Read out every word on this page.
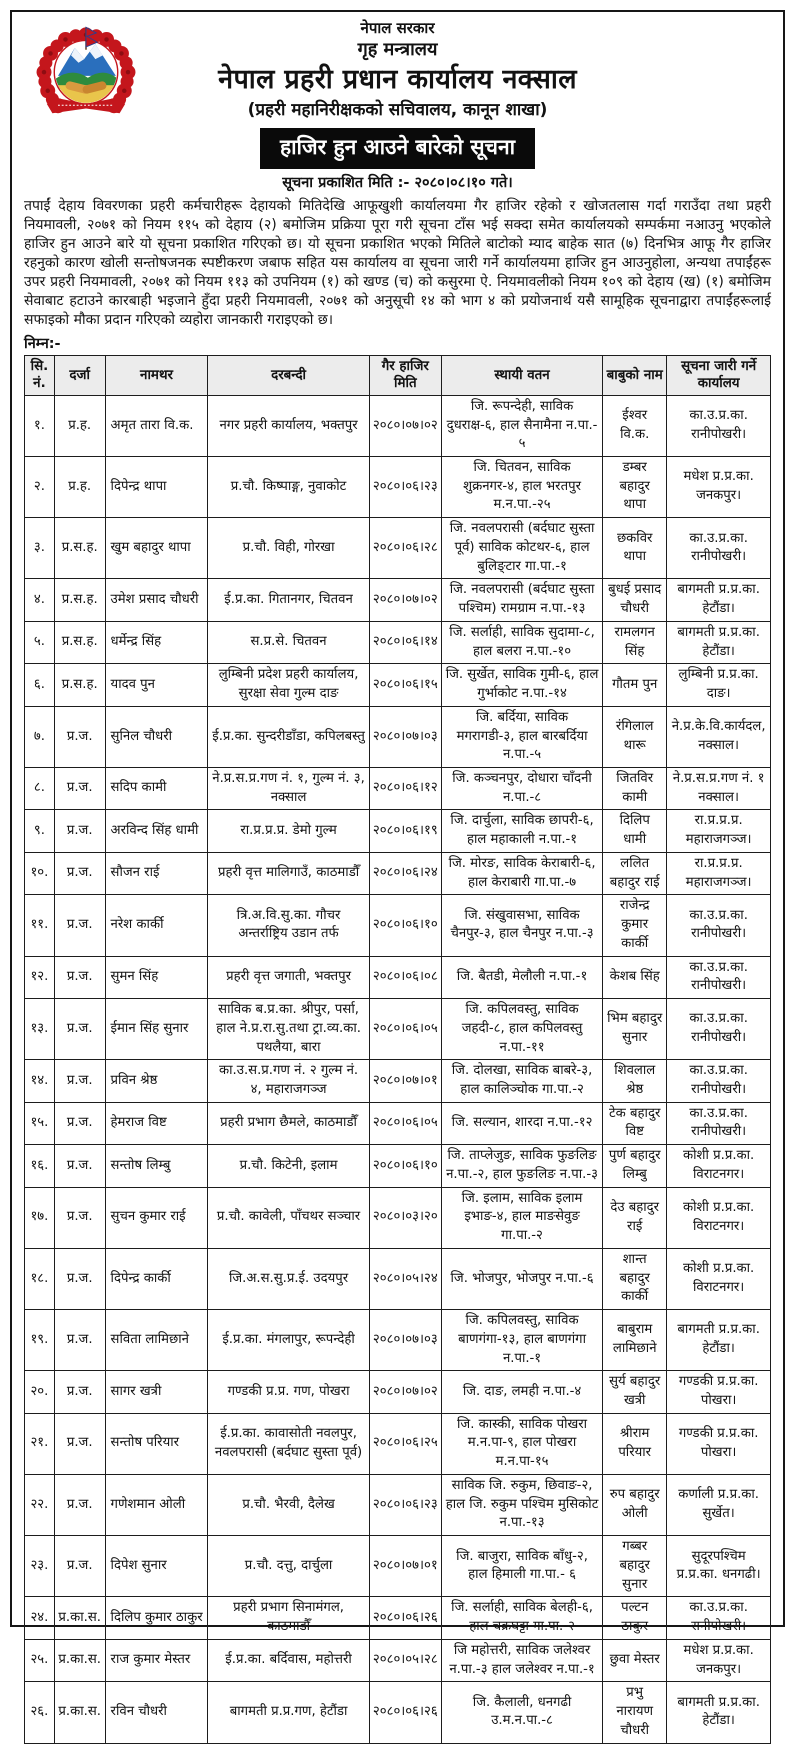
नेपाल सरकार
गृह मन्त्रालय
नेपाल प्रहरी प्रधान कार्यालय नक्साल
(प्रहरी महानिरीक्षकको सचिवालय, कानून शाखा)
हाजिर हुन आउने बारेको सूचना
सूचना प्रकाशित मिति :- २०८०।०८।१० गते।
तपाईं देहाय विवरणका प्रहरी कर्मचारीहरू देहायको मितिदेखि आफूखुशी कार्यालयमा गैर हाजिर रहेको र खोजतलास गर्दा गराउँदा तथा प्रहरी नियमावली, २०७१ को नियम ११५ को देहाय (२) बमोजिम प्रक्रिया पूरा गरी सूचना टाँस भई सक्दा समेत कार्यालयको सम्पर्कमा नआउनु भएकोले हाजिर हुन आउने बारे यो सूचना प्रकाशित गरिएको छ। यो सूचना प्रकाशित भएको मितिले बाटोको म्याद बाहेक सात (७) दिनभित्र आफू गैर हाजिर रहनुको कारण खोली सन्तोषजनक स्पष्टीकरण जबाफ सहित यस कार्यालय वा सूचना जारी गर्ने कार्यालयमा हाजिर हुन आउनुहोला, अन्यथा तपाईंहरू उपर प्रहरी नियमावली, २०७१ को नियम ११३ को उपनियम (१) को खण्ड (च) को कसुरमा ऐ. नियमावलीको नियम १०९ को देहाय (ख) (१) बमोजिम सेवाबाट हटाउने कारबाही भइजाने हुँदा प्रहरी नियमावली, २०७१ को अनुसूची १४ को भाग ४ को प्रयोजनार्थ यसै सामूहिक सूचनाद्वारा तपाईंहरूलाई सफाइको मौका प्रदान गरिएको व्यहोरा जानकारी गराइएको छ।
निम्न:-
सि. नं.	दर्जा	नामथर	दरबन्दी	गैर हाजिर मिति	स्थायी वतन	बाबुको नाम	सूचना जारी गर्ने कार्यालय
१.	प्र.ह.	अमृत तारा वि.क.	नगर प्रहरी कार्यालय, भक्तपुर	२०८०।०७।०२	जि. रूपन्देही, साविक दुधराक्ष-६, हाल सैनामैना न.पा.- ५	ईश्वर वि.क.	का.उ.प्र.का. रानीपोखरी।
२.	प्र.ह.	दिपेन्द्र थापा	प्र.चौ. किष्पाङ्ग, नुवाकोट	२०८०।०६।२३	जि. चितवन, साविक शुक्रनगर-४, हाल भरतपुर म.न.पा.-२५	डम्बर बहादुर थापा	मधेश प्र.प्र.का. जनकपुर।
३.	प्र.स.ह.	खुम बहादुर थापा	प्र.चौ. विही, गोरखा	२०८०।०६।२८	जि. नवलपरासी (बर्दघाट सुस्ता पूर्व) साविक कोटथर-६, हाल बुलिङ्टार गा.पा.-१	छकविर थापा	का.उ.प्र.का. रानीपोखरी।
४.	प्र.स.ह.	उमेश प्रसाद चौधरी	ई.प्र.का. गितानगर, चितवन	२०८०।०७।०२	जि. नवलपरासी (बर्दघाट सुस्ता पश्चिम) रामग्राम न.पा.-१३	बुधई प्रसाद चौधरी	बागमती प्र.प्र.का. हेटौंडा।
५.	प्र.स.ह.	धर्मेन्द्र सिंह	स.प्र.से. चितवन	२०८०।०६।१४	जि. सर्लाही, साविक सुदामा-८, हाल बलरा न.पा.-१०	रामलगन सिंह	बागमती प्र.प्र.का. हेटौंडा।
६.	प्र.स.ह.	यादव पुन	लुम्बिनी प्रदेश प्रहरी कार्यालय, सुरक्षा सेवा गुल्म दाङ	२०८०।०६।१५	जि. सुर्खेत, साविक गुमी-६, हाल गुर्भाकोट न.पा.-१४	गौतम पुन	लुम्बिनी प्र.प्र.का. दाङ।
७.	प्र.ज.	सुनिल चौधरी	ई.प्र.का. सुन्दरीडाँडा, कपिलबस्तु	२०८०।०७।०३	जि. बर्दिया, साविक मगरागडी-३, हाल बारबर्दिया न.पा.-५	रंगिलाल थारू	ने.प्र.के.वि.कार्यदल, नक्साल।
८.	प्र.ज.	सदिप कामी	ने.प्र.स.प्र.गण नं. १, गुल्म नं. ३, नक्साल	२०८०।०६।१२	जि. कञ्चनपुर, दोधारा चाँदनी न.पा.-८	जितविर कामी	ने.प्र.स.प्र.गण नं. १ नक्साल।
९.	प्र.ज.	अरविन्द सिंह धामी	रा.प्र.प्र.प्र. डेमो गुल्म	२०८०।०६।१९	जि. दार्चुला, साविक छापरी-६, हाल महाकाली न.पा.-१	दिलिप धामी	रा.प्र.प्र.प्र. महाराजगञ्ज।
१०.	प्र.ज.	सौजन राई	प्रहरी वृत्त मालिगाउँ, काठमाडौँ	२०८०।०६।२४	जि. मोरङ, साविक केराबारी-६, हाल केराबारी गा.पा.-७	ललित बहादुर राई	रा.प्र.प्र.प्र. महाराजगञ्ज।
११.	प्र.ज.	नरेश कार्की	त्रि.अ.वि.सु.का. गौचर अन्तर्राष्ट्रिय उडान तर्फ	२०८०।०६।१०	जि. संखुवासभा, साविक चैनपुर-३, हाल चैनपुर न.पा.-३	राजेन्द्र कुमार कार्की	का.उ.प्र.का. रानीपोखरी।
१२.	प्र.ज.	सुमन सिंह	प्रहरी वृत्त जगाती, भक्तपुर	२०८०।०६।०८	जि. बैतडी, मेलौली न.पा.-१	केशब सिंह	का.उ.प्र.का. रानीपोखरी।
१३.	प्र.ज.	ईमान सिंह सुनार	साविक ब.प्र.का. श्रीपुर, पर्सा, हाल ने.प्र.रा.सु.तथा ट्रा.व्य.का. पथलैया, बारा	२०८०।०६।०५	जि. कपिलवस्तु, साविक जहदी-८, हाल कपिलवस्तु न.पा.-११	भिम बहादुर सुनार	का.उ.प्र.का. रानीपोखरी।
१४.	प्र.ज.	प्रविन श्रेष्ठ	का.उ.स.प्र.गण नं. २ गुल्म नं. ४, महाराजगञ्ज	२०८०।०७।०१	जि. दोलखा, साविक बाबरे-३, हाल कालिञ्चोक गा.पा.-२	शिवलाल श्रेष्ठ	का.उ.प्र.का. रानीपोखरी।
१५.	प्र.ज.	हेमराज विष्ट	प्रहरी प्रभाग छैमले, काठमाडौँ	२०८०।०६।०५	जि. सल्यान, शारदा न.पा.-१२	टेक बहादुर विष्ट	का.उ.प्र.का. रानीपोखरी।
१६.	प्र.ज.	सन्तोष लिम्बु	प्र.चौ. किटेनी, इलाम	२०८०।०६।१०	जि. ताप्लेजुङ, साविक फुङलिङ न.पा.-२, हाल फुङलिङ न.पा.-३	पुर्ण बहादुर लिम्बु	कोशी प्र.प्र.का. विराटनगर।
१७.	प्र.ज.	सुचन कुमार राई	प्र.चौ. कावेली, पाँचथर सञ्चार	२०८०।०३।२०	जि. इलाम, साविक इलाम इभाङ-४, हाल माङसेवुङ गा.पा.-२	देउ बहादुर राई	कोशी प्र.प्र.का. विराटनगर।
१८.	प्र.ज.	दिपेन्द्र कार्की	जि.अ.स.सु.प्र.ई. उदयपुर	२०८०।०५।२४	जि. भोजपुर, भोजपुर न.पा.-६	शान्त बहादुर कार्की	कोशी प्र.प्र.का. विराटनगर।
१९.	प्र.ज.	सविता लामिछाने	ई.प्र.का. मंगलापुर, रूपन्देही	२०८०।०७।०३	जि. कपिलवस्तु, साविक बाणगंगा-१३, हाल बाणगंगा न.पा.-१	बाबुराम लामिछाने	बागमती प्र.प्र.का. हेटौंडा।
२०.	प्र.ज.	सागर खत्री	गण्डकी प्र.प्र. गण, पोखरा	२०८०।०७।०२	जि. दाङ, लमही न.पा.-४	सुर्य बहादुर खत्री	गण्डकी प्र.प्र.का. पोखरा।
२१.	प्र.ज.	सन्तोष परियार	ई.प्र.का. कावासोती नवलपुर, नवलपरासी (बर्दघाट सुस्ता पूर्व)	२०८०।०६।२५	जि. कास्की, साविक पोखरा म.न.पा-९, हाल पोखरा म.न.पा-१५	श्रीराम परियार	गण्डकी प्र.प्र.का. पोखरा।
२२.	प्र.ज.	गणेशमान ओली	प्र.चौ. भैरवी, दैलेख	२०८०।०६।२३	साविक जि. रुकुम, छिवाङ-२, हाल जि. रुकुम पश्चिम मुसिकोट न.पा.-१३	रुप बहादुर ओली	कर्णाली प्र.प्र.का. सुर्खेत।
२३.	प्र.ज.	दिपेश सुनार	प्र.चौ. दत्तु, दार्चुला	२०८०।०७।०१	जि. बाजुरा, साविक बाँधु-२, हाल हिमाली गा.पा.- ६	गब्बर बहादुर सुनार	सुदूरपश्चिम प्र.प्र.का. धनगढी।
२४.	प्र.का.स.	दिलिप कुमार ठाकुर	प्रहरी प्रभाग सिनामंगल, काठमाडौँ	२०८०।०६।२६	जि. सर्लाही, साविक बेलही-६, हाल चक्रघट्टा गा.पा.-२	पल्टन ठाकुर	का.उ.प्र.का. रानीपोखरी।
२५.	प्र.का.स.	राज कुमार मेस्तर	ई.प्र.का. बर्दिवास, महोत्तरी	२०८०।०५।२८	जि महोत्तरी, साविक जलेश्वर न.पा.-३ हाल जलेश्वर न.पा.-१	छुवा मेस्तर	मधेश प्र.प्र.का. जनकपुर।
२६.	प्र.का.स.	रविन चौधरी	बागमती प्र.प्र.गण, हेटौंडा	२०८०।०६।२६	जि. कैलाली, धनगढी उ.म.न.पा.-८	प्रभु नारायण चौधरी	बागमती प्र.प्र.का. हेटौंडा।
